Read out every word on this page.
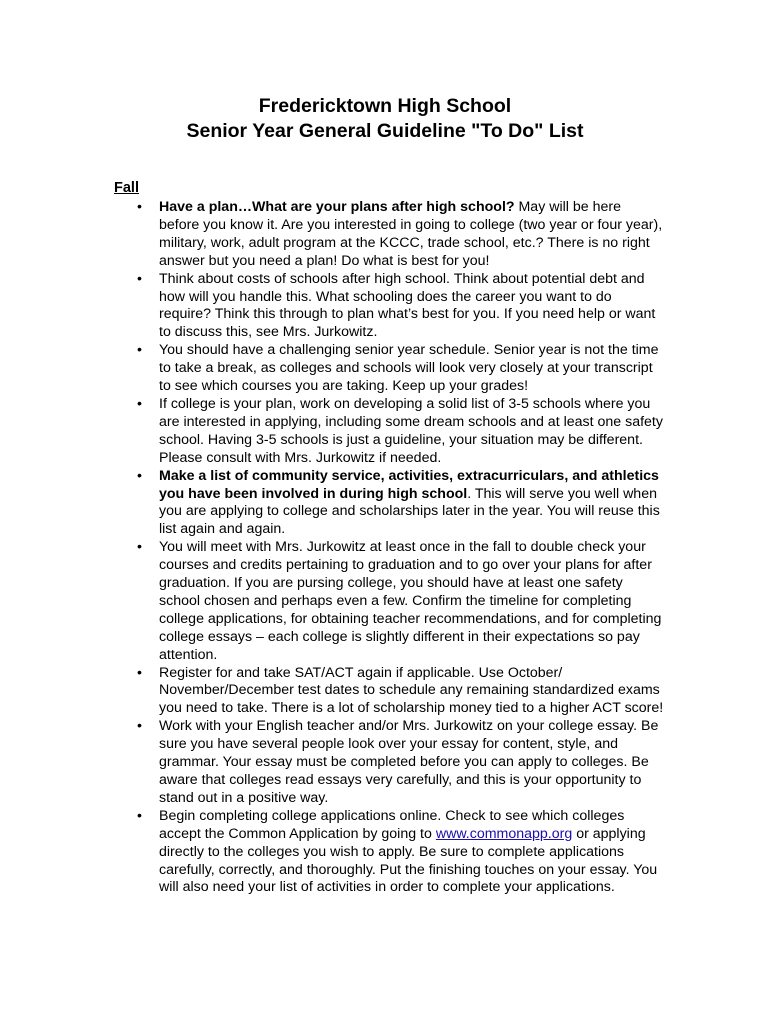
Fredericktown High School
Senior Year General Guideline "To Do" List
Fall
• Have a plan…What are your plans after high school? May will be here before you know it. Are you interested in going to college (two year or four year), military, work, adult program at the KCCC, trade school, etc.? There is no right answer but you need a plan! Do what is best for you!
• Think about costs of schools after high school. Think about potential debt and how will you handle this. What schooling does the career you want to do require? Think this through to plan what’s best for you. If you need help or want to discuss this, see Mrs. Jurkowitz.
• You should have a challenging senior year schedule. Senior year is not the time to take a break, as colleges and schools will look very closely at your transcript to see which courses you are taking. Keep up your grades!
• If college is your plan, work on developing a solid list of 3-5 schools where you are interested in applying, including some dream schools and at least one safety school. Having 3-5 schools is just a guideline, your situation may be different. Please consult with Mrs. Jurkowitz if needed.
• Make a list of community service, activities, extracurriculars, and athletics you have been involved in during high school. This will serve you well when you are applying to college and scholarships later in the year. You will reuse this list again and again.
• You will meet with Mrs. Jurkowitz at least once in the fall to double check your courses and credits pertaining to graduation and to go over your plans for after graduation. If you are pursing college, you should have at least one safety school chosen and perhaps even a few. Confirm the timeline for completing college applications, for obtaining teacher recommendations, and for completing college essays – each college is slightly different in their expectations so pay attention.
• Register for and take SAT/ACT again if applicable. Use October/ November/December test dates to schedule any remaining standardized exams you need to take. There is a lot of scholarship money tied to a higher ACT score!
• Work with your English teacher and/or Mrs. Jurkowitz on your college essay. Be sure you have several people look over your essay for content, style, and grammar. Your essay must be completed before you can apply to colleges. Be aware that colleges read essays very carefully, and this is your opportunity to stand out in a positive way.
• Begin completing college applications online. Check to see which colleges accept the Common Application by going to www.commonapp.org or applying directly to the colleges you wish to apply. Be sure to complete applications carefully, correctly, and thoroughly. Put the finishing touches on your essay. You will also need your list of activities in order to complete your applications.
